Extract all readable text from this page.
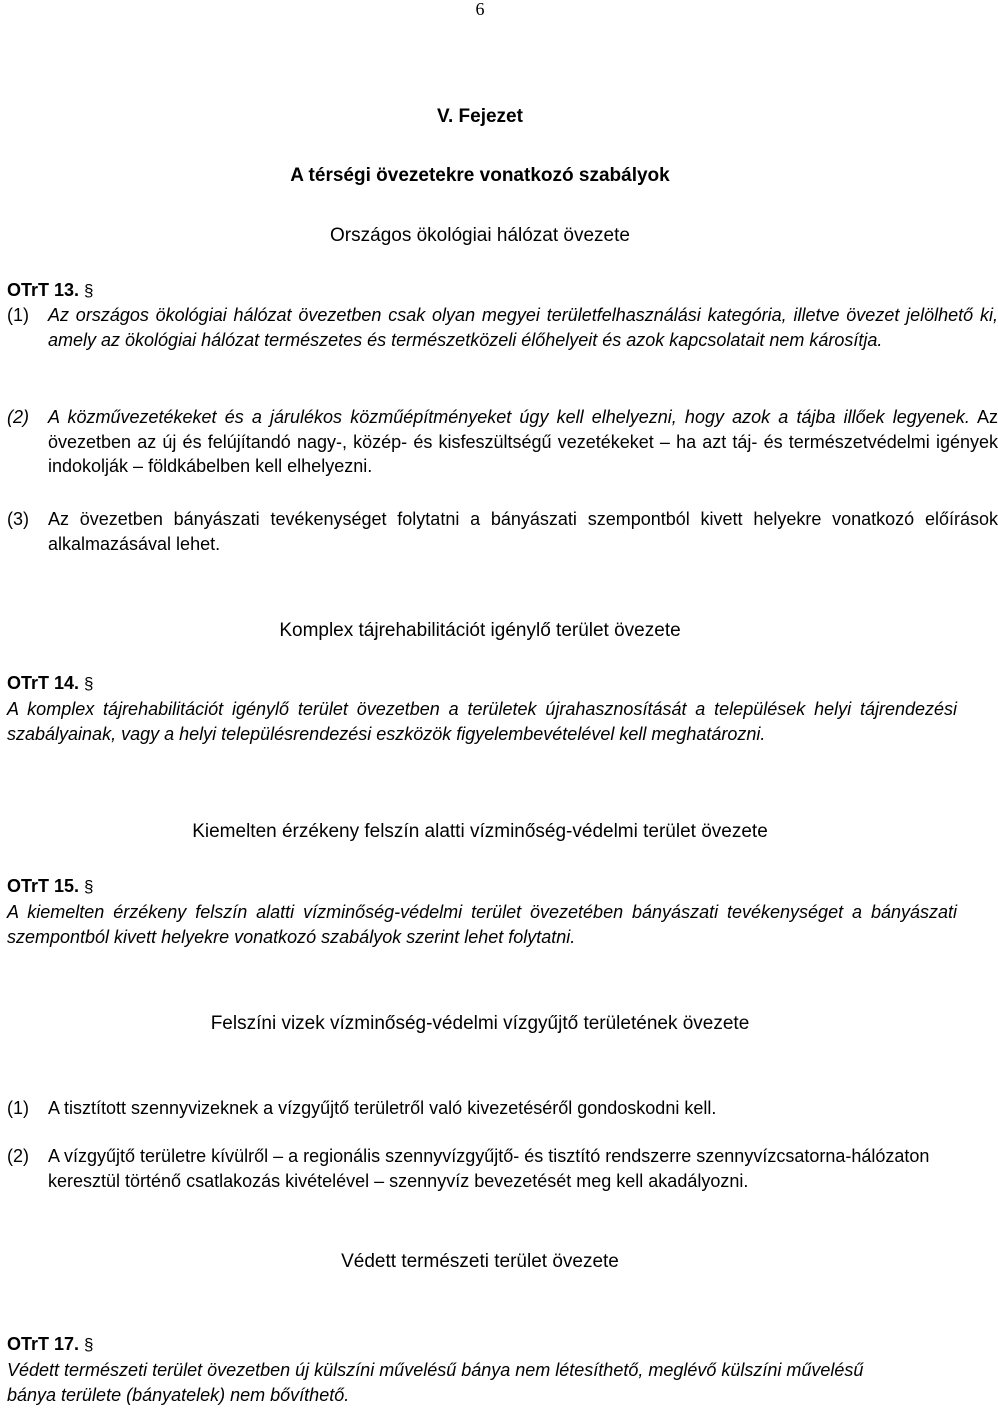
6
V. Fejezet
A térségi övezetekre vonatkozó szabályok
Országos ökológiai hálózat övezete
OTrT 13. §
(1) Az országos ökológiai hálózat övezetben csak olyan megyei területfelhasználási kategória, illetve övezet jelölhető ki, amely az ökológiai hálózat természetes és természetközeli élőhelyeit és azok kapcsolatait nem károsítja.
(2) A közművezetékeket és a járulékos közműépítményeket úgy kell elhelyezni, hogy azok a tájba illőek legyenek. Az övezetben az új és felújítandó nagy-, közép- és kisfeszültségű vezetékeket – ha azt táj- és természetvédelmi igények indokolják – földkábelben kell elhelyezni.
(3) Az övezetben bányászati tevékenységet folytatni a bányászati szempontból kivett helyekre vonatkozó előírások alkalmazásával lehet.
Komplex tájrehabilitációt igénylő terület övezete
OTrT 14. §
A komplex tájrehabilitációt igénylő terület övezetben a területek újrahasznosítását a települések helyi tájrendezési szabályainak, vagy a helyi településrendezési eszközök figyelembevételével kell meghatározni.
Kiemelten érzékeny felszín alatti vízminőség-védelmi terület övezete
OTrT 15. §
A kiemelten érzékeny felszín alatti vízminőség-védelmi terület övezetében bányászati tevékenységet a bányászati szempontból kivett helyekre vonatkozó szabályok szerint lehet folytatni.
Felszíni vizek vízminőség-védelmi vízgyűjtő területének övezete
(1) A tisztított szennyvizeknek a vízgyűjtő területről való kivezetéséről gondoskodni kell.
(2) A vízgyűjtő területre kívülről – a regionális szennyvízgyűjtő- és tisztító rendszerre szennyvízcsatorna-hálózaton keresztül történő csatlakozás kivételével – szennyvíz bevezetését meg kell akadályozni.
Védett természeti terület övezete
OTrT 17. §
Védett természeti terület övezetben új külszíni művelésű bánya nem létesíthető, meglévő külszíni művelésű bánya területe (bányatelek) nem bővíthető.
